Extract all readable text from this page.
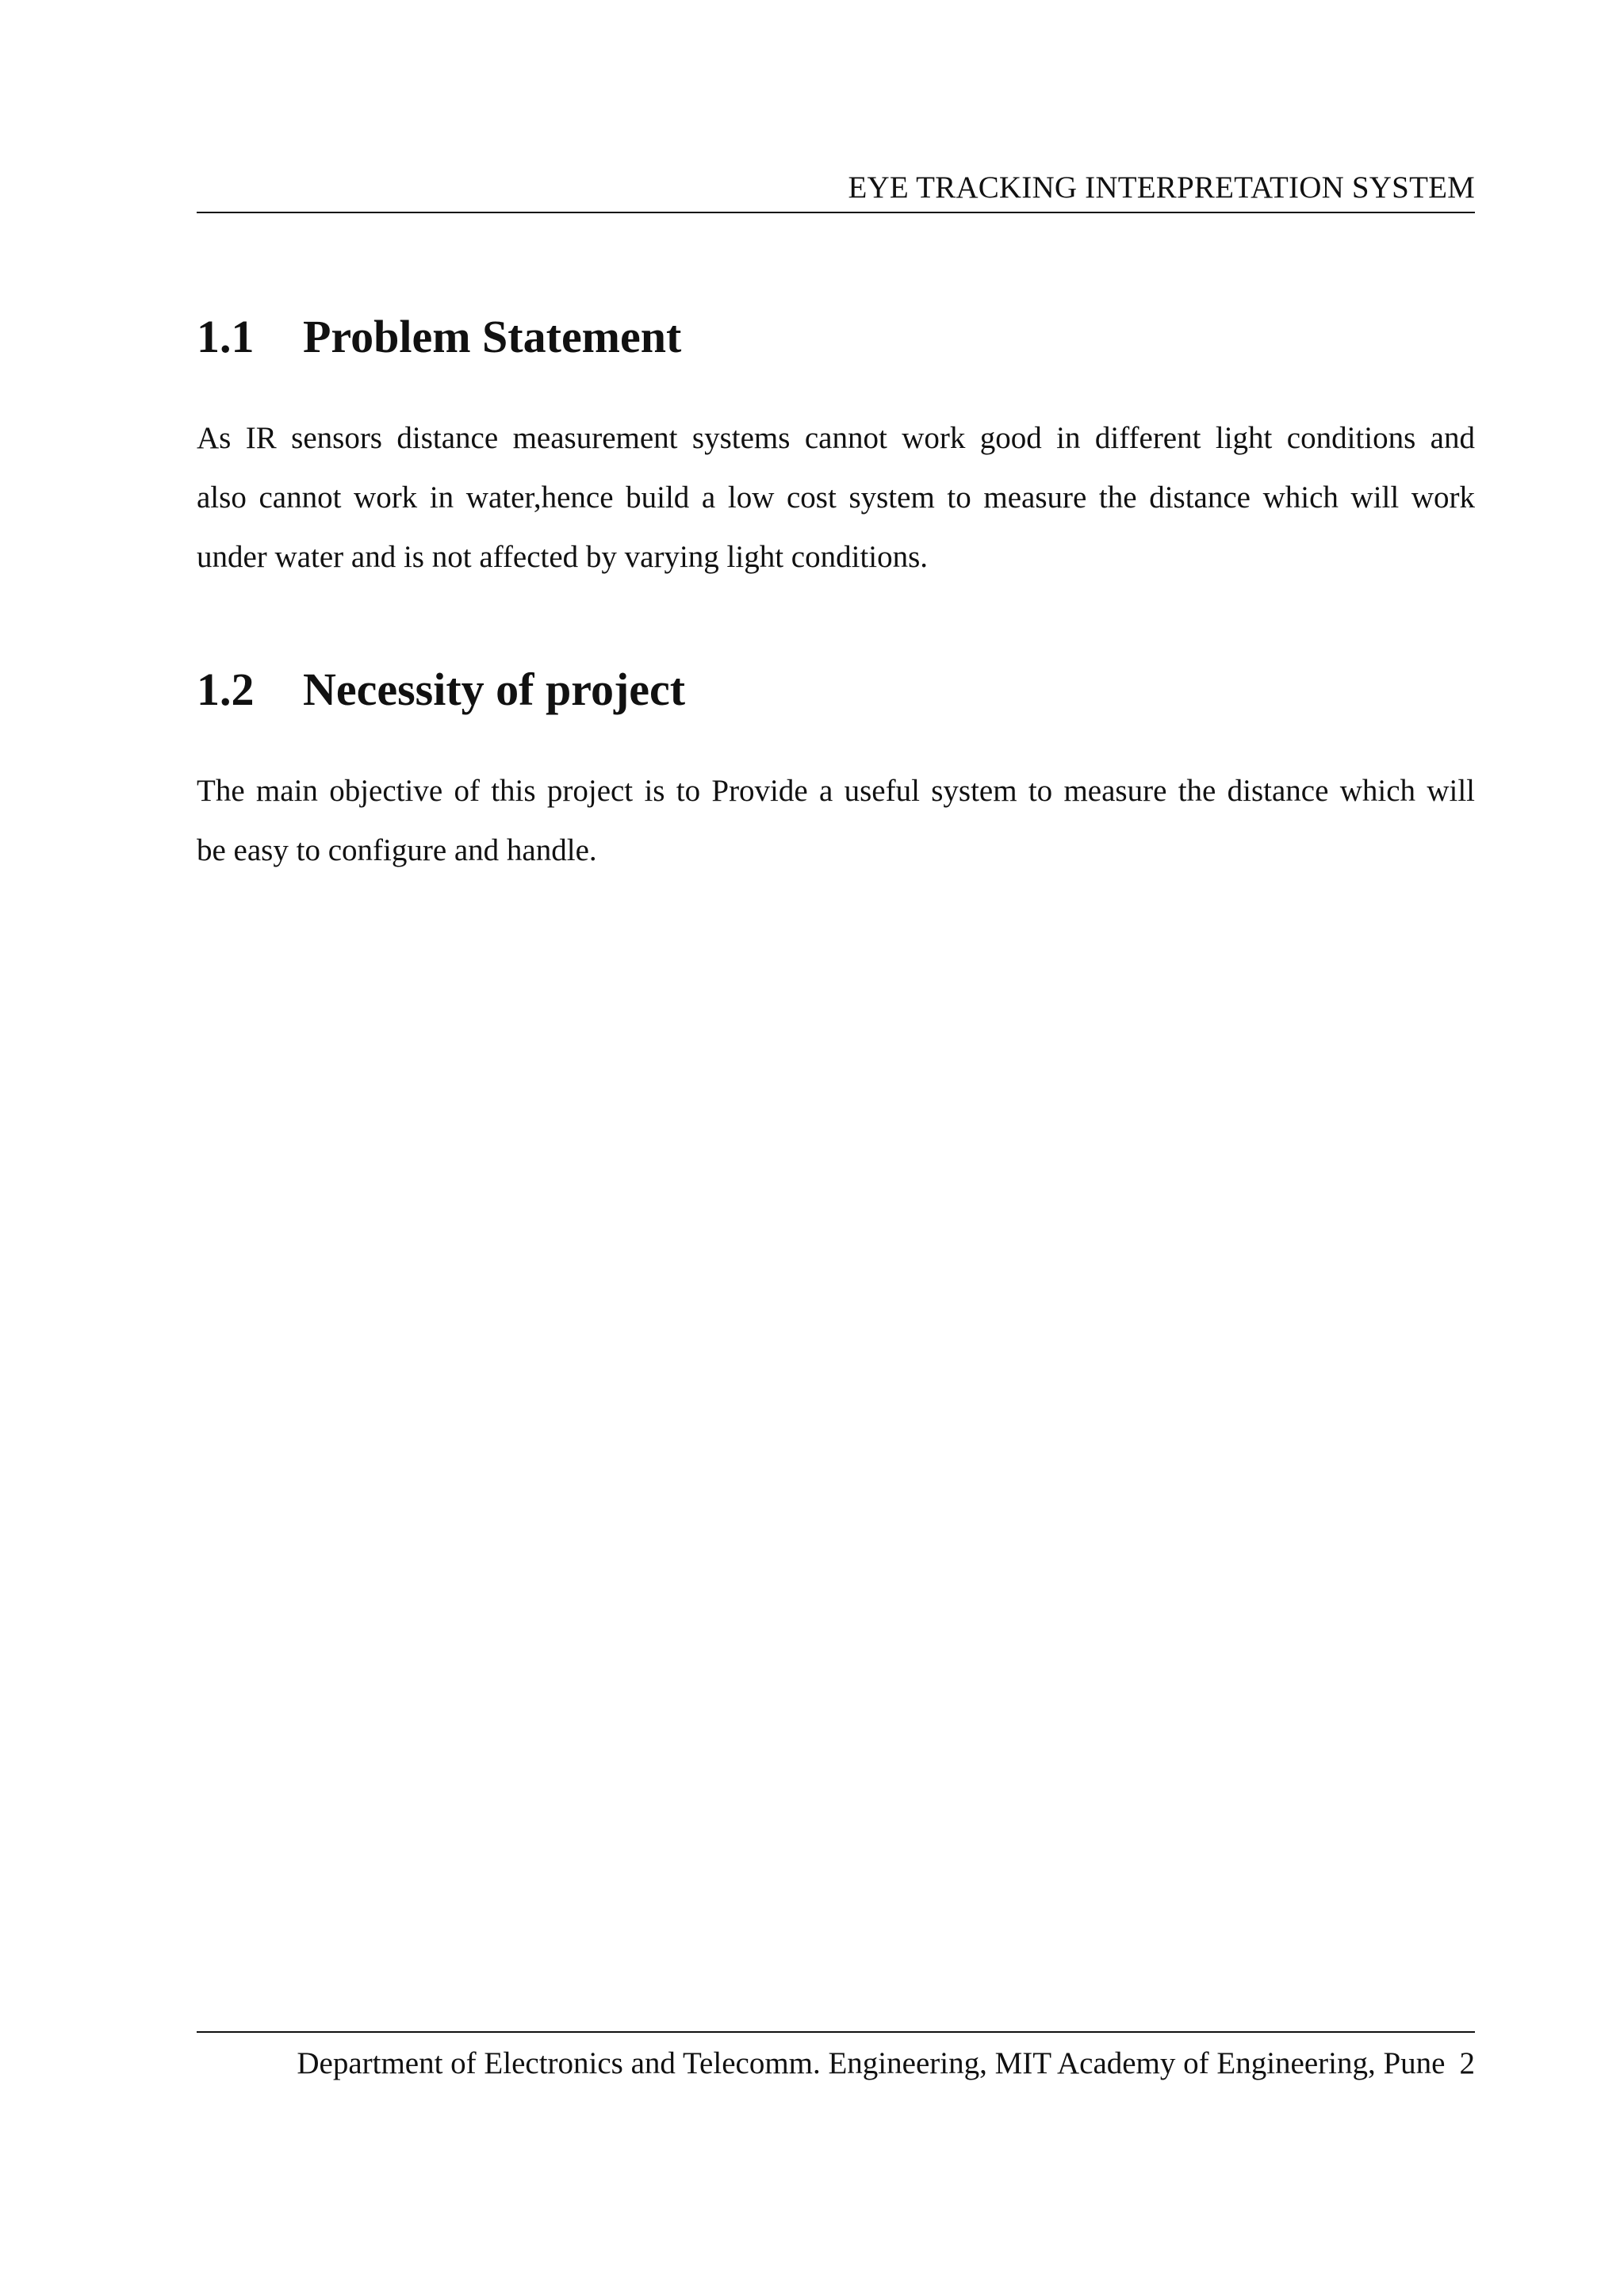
EYE TRACKING INTERPRETATION SYSTEM
1.1 Problem Statement

As IR sensors distance measurement systems cannot work good in different light conditions and
also cannot work in water,hence build a low cost system to measure the distance which will work
under water and is not affected by varying light conditions.

1.2 Necessity of project

The main objective of this project is to Provide a useful system to measure the distance which will
be easy to configure and handle.

Department of Electronics and Telecomm. Engineering, MIT Academy of Engineering, Pune 2
